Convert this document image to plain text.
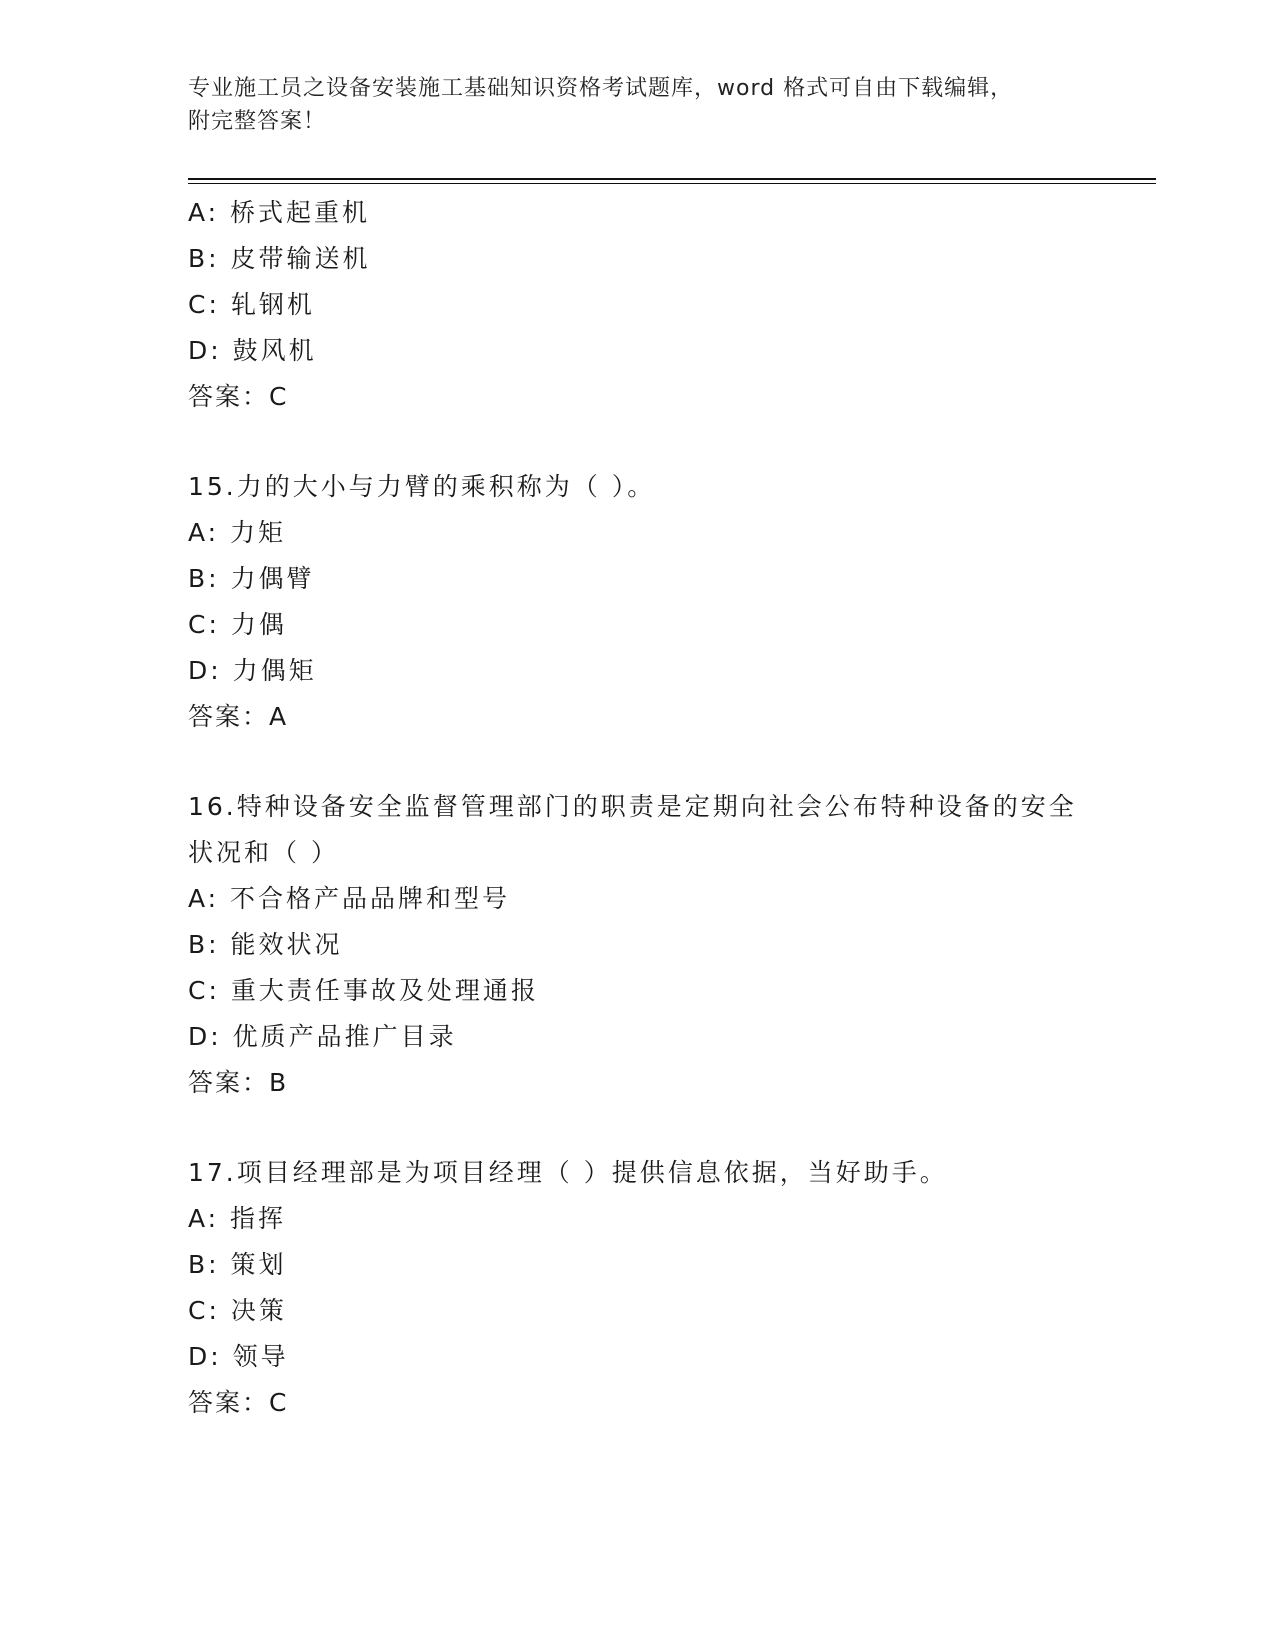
专业施工员之设备安装施工基础知识资格考试题库，word 格式可自由下载编辑，
附完整答案！
A: 桥式起重机
B: 皮带输送机
C: 轧钢机
D: 鼓风机
答案：C
15.力的大小与力臂的乘积称为（ ）。
A: 力矩
B: 力偶臂
C: 力偶
D: 力偶矩
答案：A
16.特种设备安全监督管理部门的职责是定期向社会公布特种设备的安全状况和（ ）
A: 不合格产品品牌和型号
B: 能效状况
C: 重大责任事故及处理通报
D: 优质产品推广目录
答案：B
17.项目经理部是为项目经理（ ）提供信息依据，当好助手。
A: 指挥
B: 策划
C: 决策
D: 领导
答案：C
